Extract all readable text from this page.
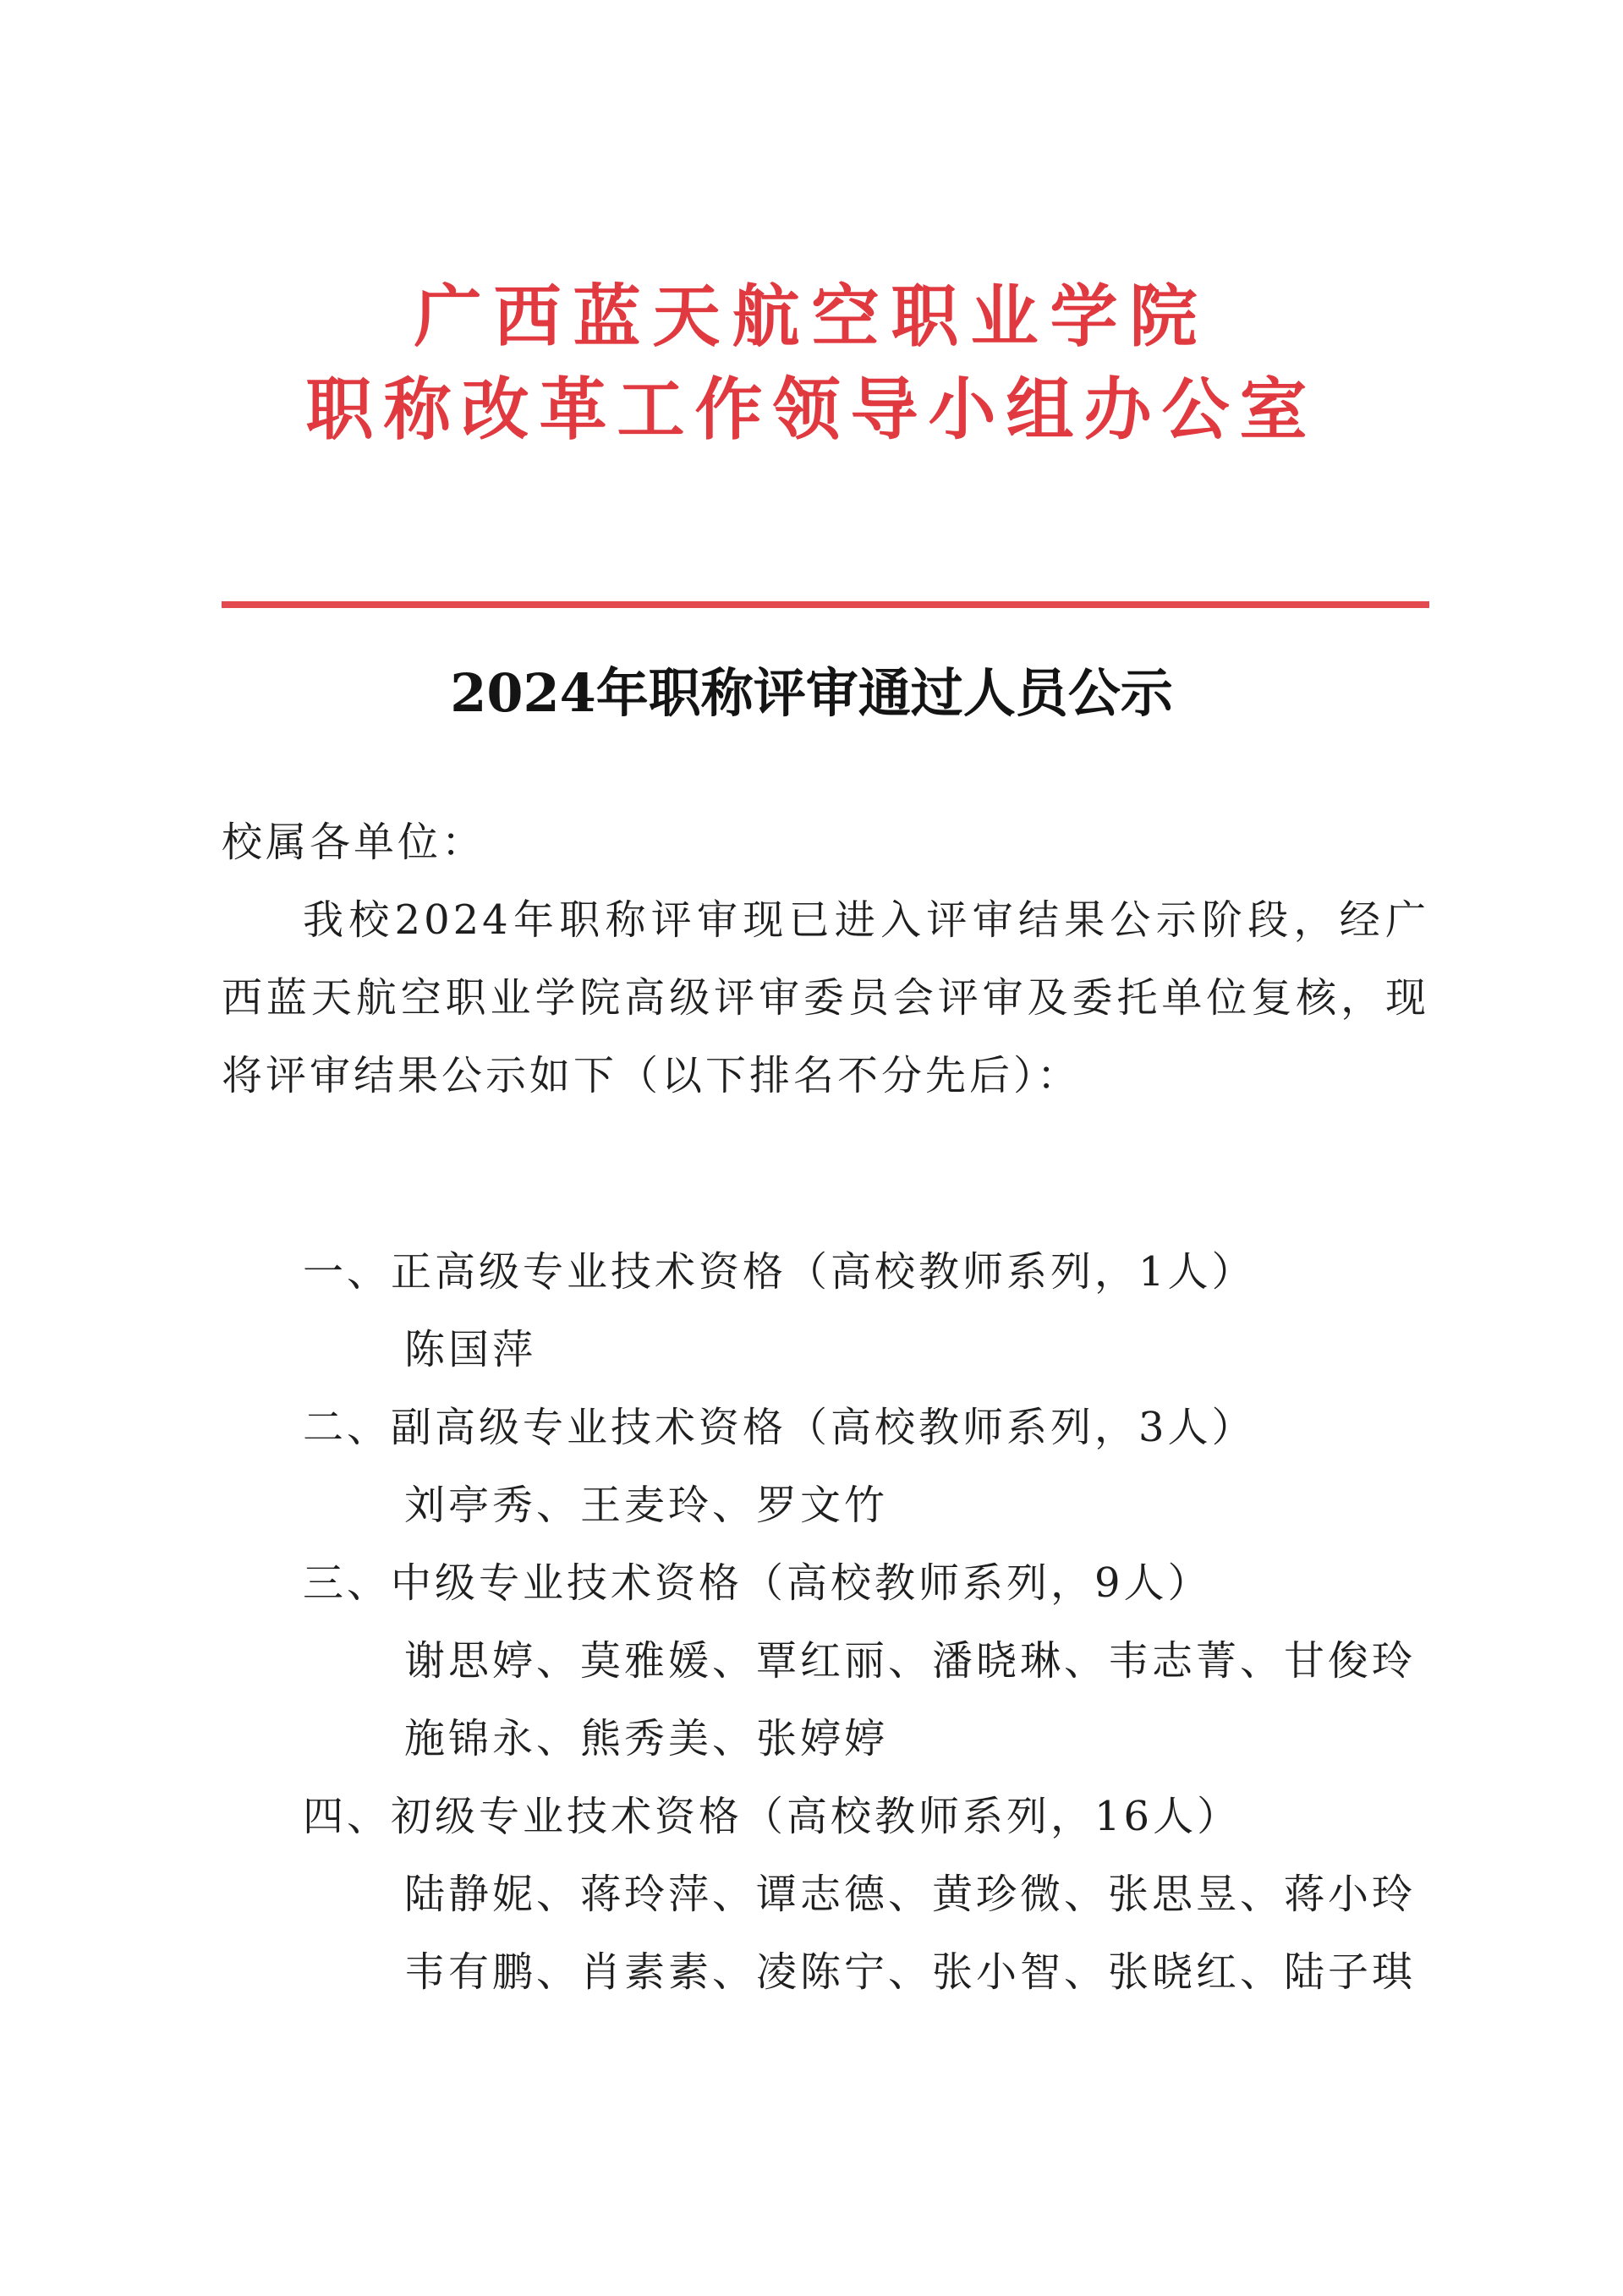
广西蓝天航空职业学院
职称改革工作领导小组办公室
2024年职称评审通过人员公示
校属各单位：
我校2024年职称评审现已进入评审结果公示阶段，经广西蓝天航空职业学院高级评审委员会评审及委托单位复核，现将评审结果公示如下（以下排名不分先后）：
一、正高级专业技术资格（高校教师系列，1人）
陈国萍
二、副高级专业技术资格（高校教师系列，3人）
刘亭秀、王麦玲、罗文竹
三、中级专业技术资格（高校教师系列，9人）
谢思婷、莫雅媛、覃红丽、潘晓琳、韦志菁、甘俊玲施锦永、熊秀美、张婷婷
四、初级专业技术资格（高校教师系列，16人）
陆静妮、蒋玲萍、谭志德、黄珍微、张思昱、蒋小玲韦有鹏、肖素素、凌陈宁、张小智、张晓红、陆子琪
